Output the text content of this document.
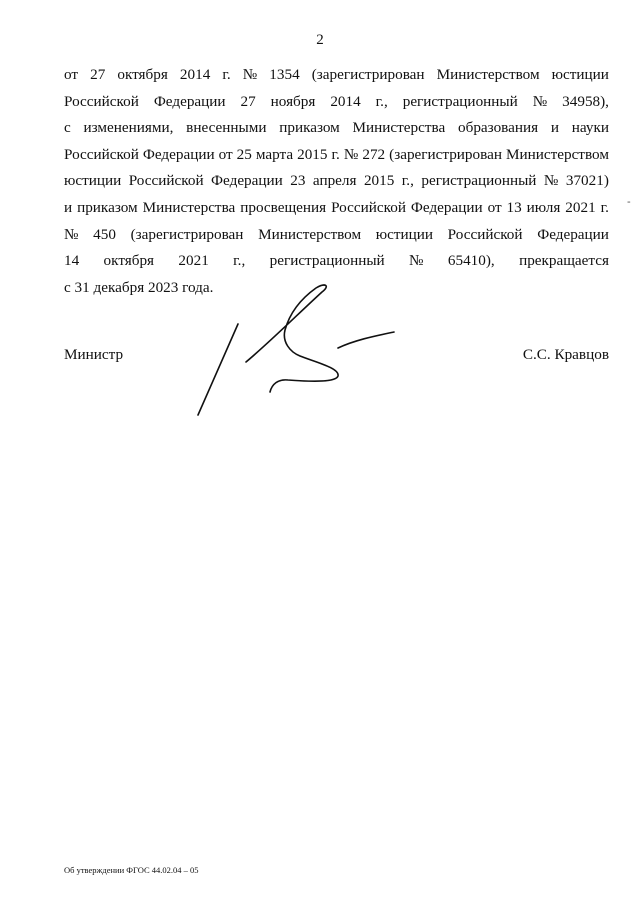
2
от 27 октября 2014 г. № 1354 (зарегистрирован Министерством юстиции
Российской Федерации 27 ноября 2014 г., регистрационный № 34958),
с изменениями, внесенными приказом Министерства образования и науки
Российской Федерации от 25 марта 2015 г. № 272 (зарегистрирован Министерством
юстиции Российской Федерации 23 апреля 2015 г., регистрационный № 37021)
и приказом Министерства просвещения Российской Федерации от 13 июля 2021 г.
№ 450 (зарегистрирован Министерством юстиции Российской Федерации
14 октября 2021 г., регистрационный № 65410), прекращается
с 31 декабря 2023 года.
Министр	С.С. Кравцов
Об утверждении ФГОС 44.02.04 – 05
-
